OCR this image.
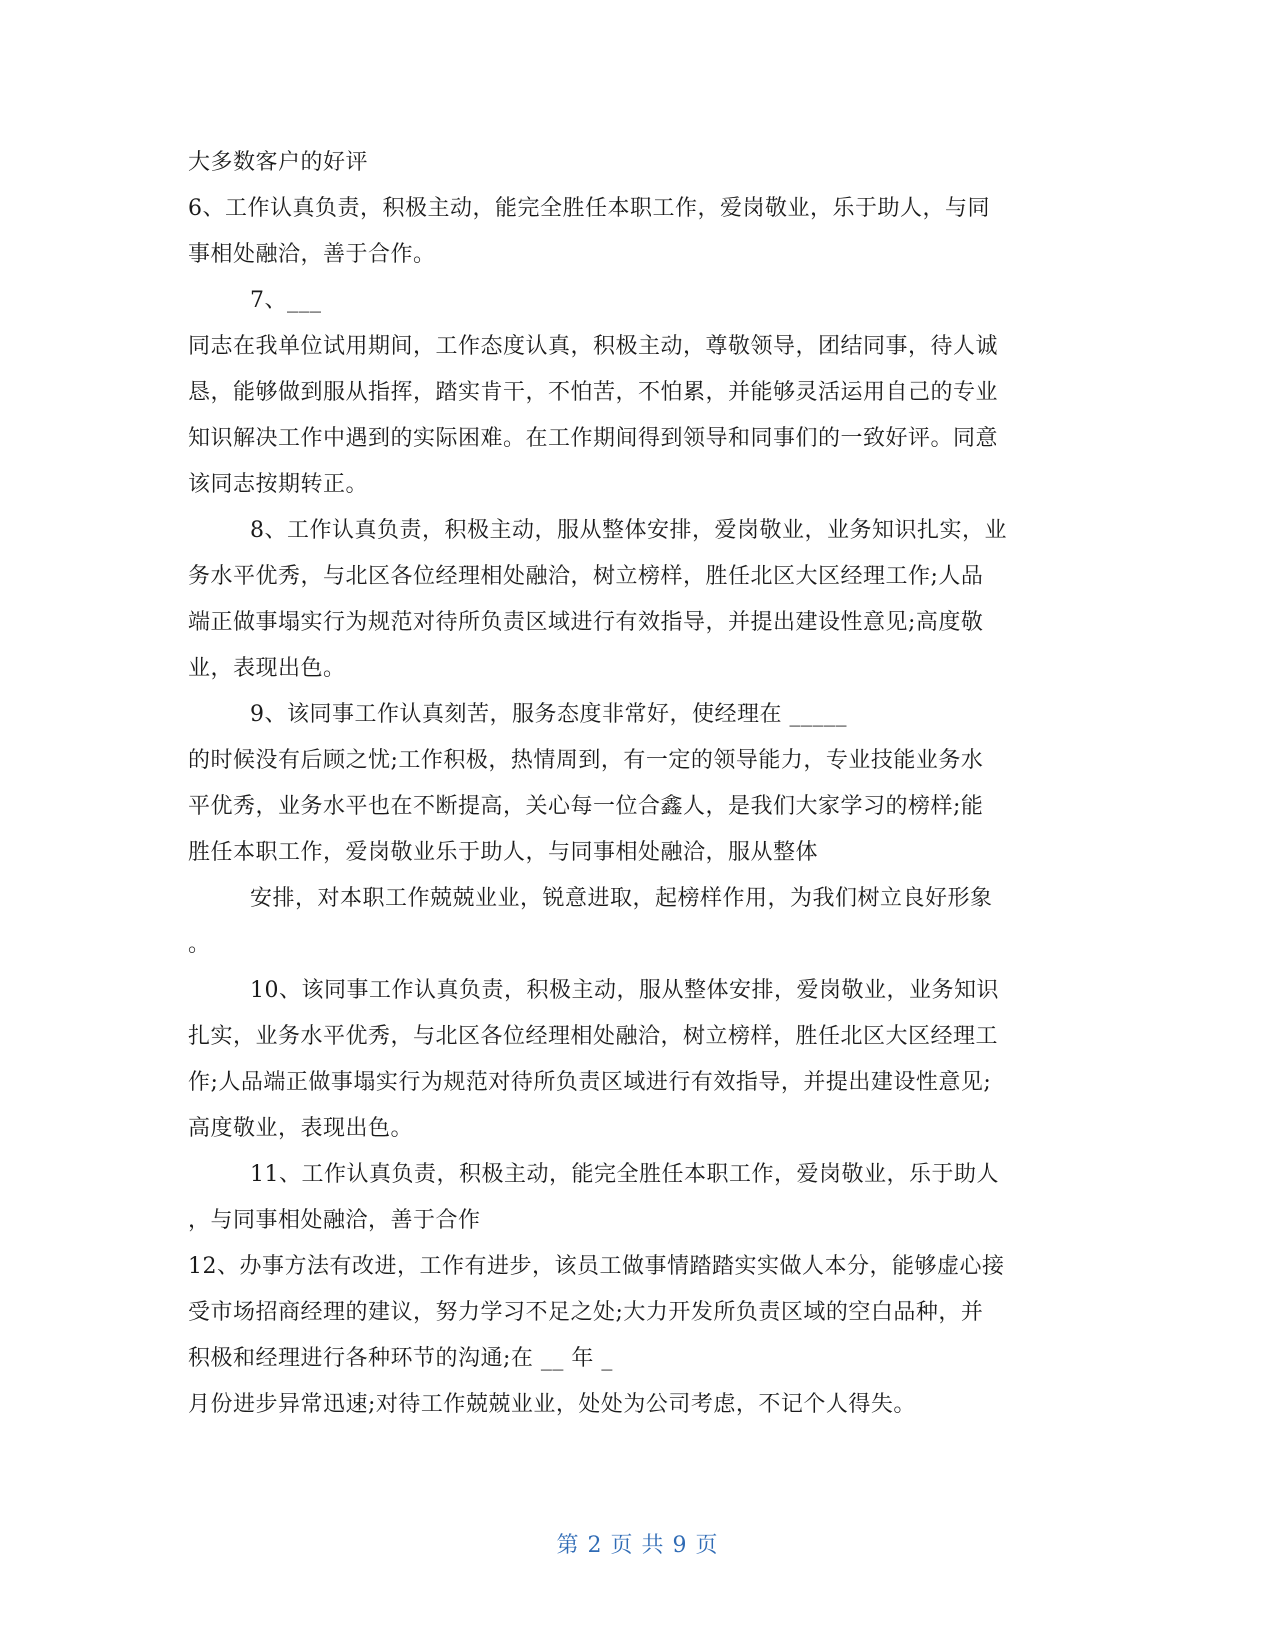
大多数客户的好评
6、工作认真负责，积极主动，能完全胜任本职工作，爱岗敬业，乐于助人，与同
事相处融洽，善于合作。
7、___
同志在我单位试用期间，工作态度认真，积极主动，尊敬领导，团结同事，待人诚
恳，能够做到服从指挥，踏实肯干，不怕苦，不怕累，并能够灵活运用自己的专业
知识解决工作中遇到的实际困难。在工作期间得到领导和同事们的一致好评。同意
该同志按期转正。
8、工作认真负责，积极主动，服从整体安排，爱岗敬业，业务知识扎实，业
务水平优秀，与北区各位经理相处融洽，树立榜样，胜任北区大区经理工作;人品
端正做事塌实行为规范对待所负责区域进行有效指导，并提出建设性意见;高度敬
业，表现出色。
9、该同事工作认真刻苦，服务态度非常好，使经理在 _____
的时候没有后顾之忧;工作积极，热情周到，有一定的领导能力，专业技能业务水
平优秀，业务水平也在不断提高，关心每一位合鑫人，是我们大家学习的榜样;能
胜任本职工作，爱岗敬业乐于助人，与同事相处融洽，服从整体
安排，对本职工作兢兢业业，锐意进取，起榜样作用，为我们树立良好形象
。
10、该同事工作认真负责，积极主动，服从整体安排，爱岗敬业，业务知识
扎实，业务水平优秀，与北区各位经理相处融洽，树立榜样，胜任北区大区经理工
作;人品端正做事塌实行为规范对待所负责区域进行有效指导，并提出建设性意见;
高度敬业，表现出色。
11、工作认真负责，积极主动，能完全胜任本职工作，爱岗敬业，乐于助人
，与同事相处融洽，善于合作
12、办事方法有改进，工作有进步，该员工做事情踏踏实实做人本分，能够虚心接
受市场招商经理的建议，努力学习不足之处;大力开发所负责区域的空白品种，并
积极和经理进行各种环节的沟通;在 __ 年 _
月份进步异常迅速;对待工作兢兢业业，处处为公司考虑，不记个人得失。
第 2 页 共 9 页
